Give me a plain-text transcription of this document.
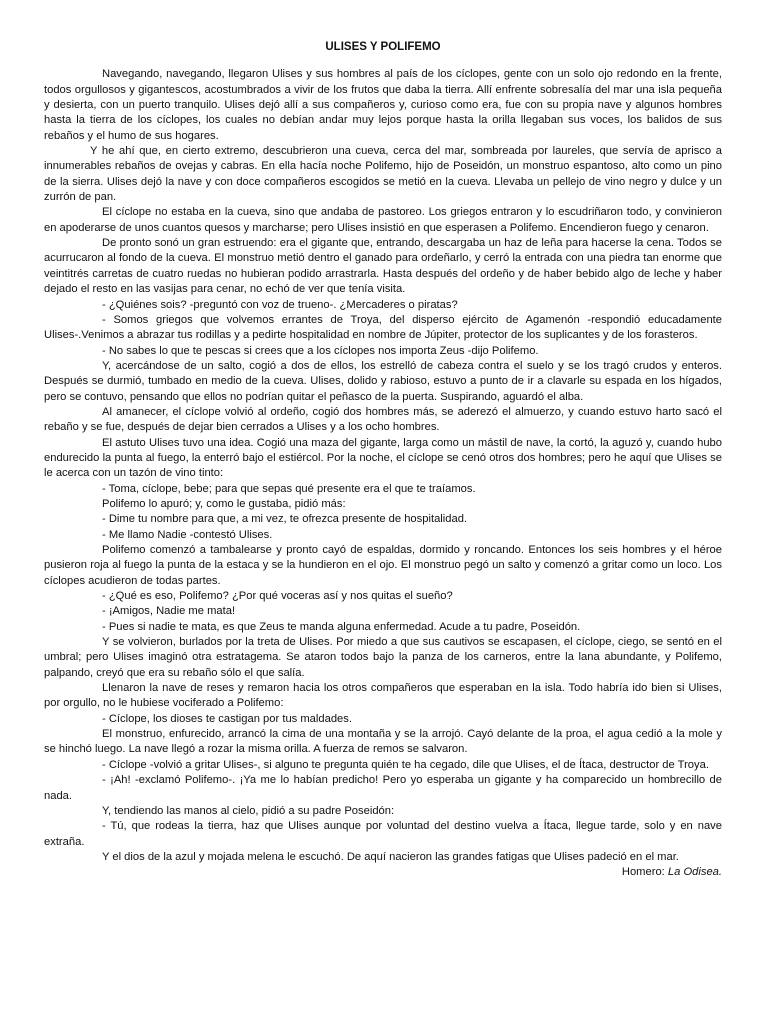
ULISES Y POLIFEMO

Navegando, navegando, llegaron Ulises y sus hombres al país de los cíclopes, gente con un solo ojo redondo en la frente, todos orgullosos y gigantescos, acostumbrados a vivir de los frutos que daba la tierra. Allí enfrente sobresalía del mar una isla pequeña y desierta, con un puerto tranquilo. Ulises dejó allí a sus compañeros y, curioso como era, fue con su propia nave y algunos hombres hasta la tierra de los cíclopes, los cuales no debían andar muy lejos porque hasta la orilla llegaban sus voces, los balidos de sus rebaños y el humo de sus hogares.

Y he ahí que, en cierto extremo, descubrieron una cueva, cerca del mar, sombreada por laureles, que servía de aprisco a innumerables rebaños de ovejas y cabras. En ella hacía noche Polifemo, hijo de Poseidón, un monstruo espantoso, alto como un pino de la sierra. Ulises dejó la nave y con doce compañeros escogidos se metió en la cueva. Llevaba un pellejo de vino negro y dulce y un zurrón de pan.

El cíclope no estaba en la cueva, sino que andaba de pastoreo. Los griegos entraron y lo escudriñaron todo, y convinieron en apoderarse de unos cuantos quesos y marcharse; pero Ulises insistió en que esperasen a Polifemo. Encendieron fuego y cenaron.

De pronto sonó un gran estruendo: era el gigante que, entrando, descargaba un haz de leña para hacerse la cena. Todos se acurrucaron al fondo de la cueva. El monstruo metió dentro el ganado para ordeñarlo, y cerró la entrada con una piedra tan enorme que veintitrés carretas de cuatro ruedas no hubieran podido arrastrarla. Hasta después del ordeño y de haber bebido algo de leche y haber dejado el resto en las vasijas para cenar, no echó de ver que tenía visita.

- ¿Quiénes sois? -preguntó con voz de trueno-. ¿Mercaderes o piratas?

- Somos griegos que volvemos errantes de Troya, del disperso ejército de Agamenón -respondió educadamente Ulises-.Venimos a abrazar tus rodillas y a pedirte hospitalidad en nombre de Júpiter, protector de los suplicantes y de los forasteros.

- No sabes lo que te pescas si crees que a los cíclopes nos importa Zeus -dijo Polifemo.

Y, acercándose de un salto, cogió a dos de ellos, los estrelló de cabeza contra el suelo y se los tragó crudos y enteros. Después se durmió, tumbado en medio de la cueva. Ulises, dolido y rabioso, estuvo a punto de ir a clavarle su espada en los hígados, pero se contuvo, pensando que ellos no podrían quitar el peñasco de la puerta. Suspirando, aguardó el alba.

Al amanecer, el cíclope volvió al ordeño, cogió dos hombres más, se aderezó el almuerzo, y cuando estuvo harto sacó el rebaño y se fue, después de dejar bien cerrados a Ulises y a los ocho hombres.

El astuto Ulises tuvo una idea. Cogió una maza del gigante, larga como un mástil de nave, la cortó, la aguzó y, cuando hubo endurecido la punta al fuego, la enterró bajo el estiércol. Por la noche, el cíclope se cenó otros dos hombres; pero he aquí que Ulises se le acerca con un tazón de vino tinto:

- Toma, cíclope, bebe; para que sepas qué presente era el que te traíamos.

Polifemo lo apuró; y, como le gustaba, pidió más:

- Dime tu nombre para que, a mi vez, te ofrezca presente de hospitalidad.

- Me llamo Nadie -contestó Ulises.

Polifemo comenzó a tambalearse y pronto cayó de espaldas, dormido y roncando. Entonces los seis hombres y el héroe pusieron roja al fuego la punta de la estaca y se la hundieron en el ojo. El monstruo pegó un salto y comenzó a gritar como un loco. Los cíclopes acudieron de todas partes.

- ¿Qué es eso, Polifemo? ¿Por qué voceras así y nos quitas el sueño?

- ¡Amigos, Nadie me mata!

- Pues si nadie te mata, es que Zeus te manda alguna enfermedad. Acude a tu padre, Poseidón.

Y se volvieron, burlados por la treta de Ulises. Por miedo a que sus cautivos se escapasen, el cíclope, ciego, se sentó en el umbral; pero Ulises imaginó otra estratagema. Se ataron todos bajo la panza de los carneros, entre la lana abundante, y Polifemo, palpando, creyó que era su rebaño sólo el que salía.

Llenaron la nave de reses y remaron hacia los otros compañeros que esperaban en la isla. Todo habría ido bien si Ulises, por orgullo, no le hubiese vociferado a Polifemo:

- Cíclope, los dioses te castigan por tus maldades.

El monstruo, enfurecido, arrancó la cima de una montaña y se la arrojó. Cayó delante de la proa, el agua cedió a la mole y se hinchó luego. La nave llegó a rozar la misma orilla. A fuerza de remos se salvaron.

- Cíclope -volvió a gritar Ulises-, si alguno te pregunta quién te ha cegado, dile que Ulises, el de Ítaca, destructor de Troya.

- ¡Ah! -exclamó Polifemo-. ¡Ya me lo habían predicho! Pero yo esperaba un gigante y ha comparecido un hombrecillo de nada.

Y, tendiendo las manos al cielo, pidió a su padre Poseidón:

- Tú, que rodeas la tierra, haz que Ulises aunque por voluntad del destino vuelva a Ítaca, llegue tarde, solo y en nave extraña.

Y el dios de la azul y mojada melena le escuchó. De aquí nacieron las grandes fatigas que Ulises padeció en el mar.

Homero: La Odisea.
